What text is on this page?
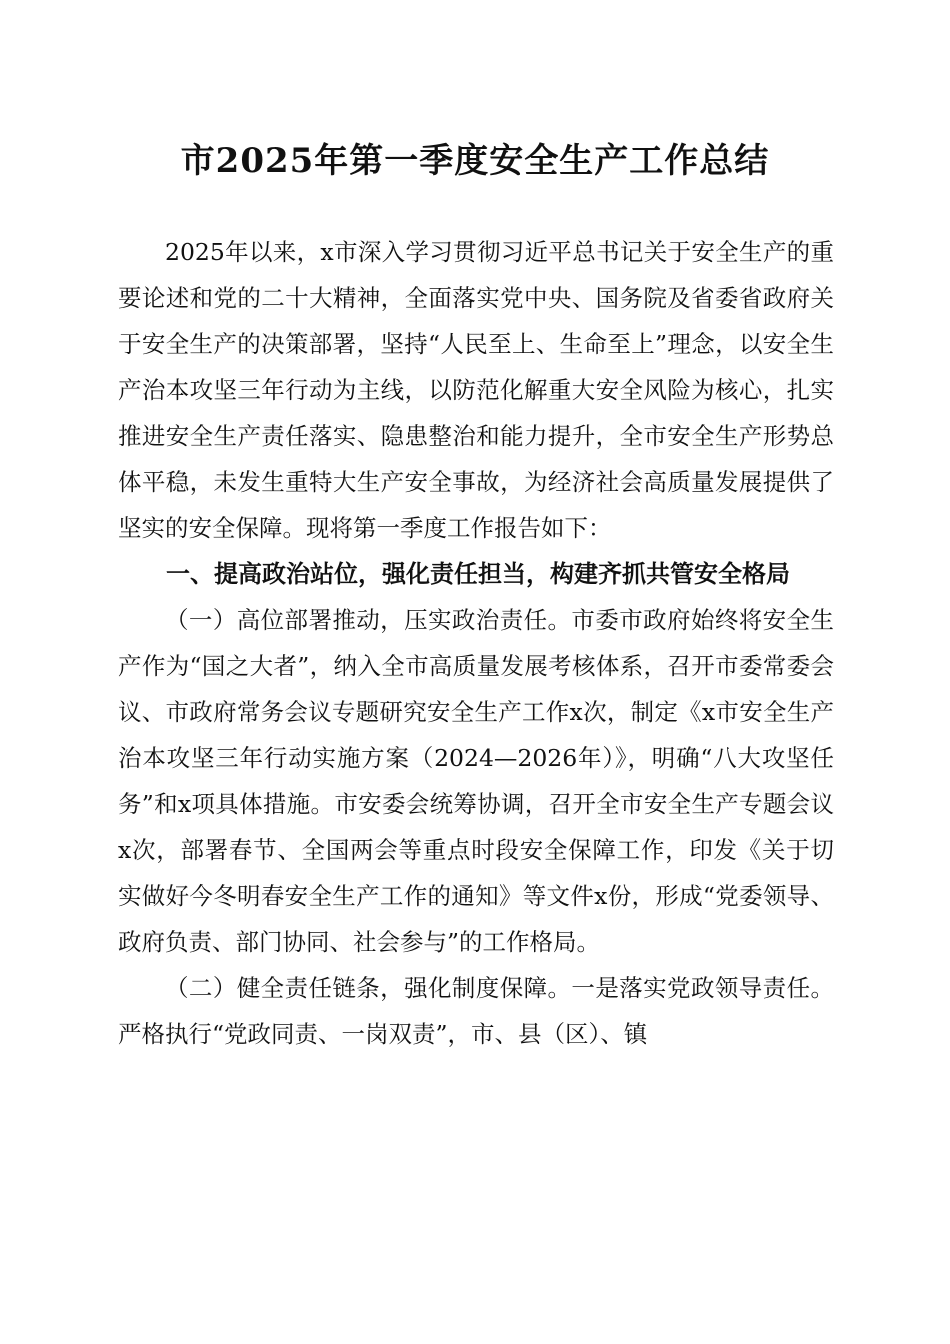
市2025年第一季度安全生产工作总结

2025年以来，x市深入学习贯彻习近平总书记关于安全生产的重要论述和党的二十大精神，全面落实党中央、国务院及省委省政府关于安全生产的决策部署，坚持“人民至上、生命至上”理念，以安全生产治本攻坚三年行动为主线，以防范化解重大安全风险为核心，扎实推进安全生产责任落实、隐患整治和能力提升，全市安全生产形势总体平稳，未发生重特大生产安全事故，为经济社会高质量发展提供了坚实的安全保障。现将第一季度工作报告如下：

一、提高政治站位，强化责任担当，构建齐抓共管安全格局

（一）高位部署推动，压实政治责任。市委市政府始终将安全生产作为“国之大者”，纳入全市高质量发展考核体系，召开市委常委会议、市政府常务会议专题研究安全生产工作x次，制定《x市安全生产治本攻坚三年行动实施方案（2024—2026年）》，明确“八大攻坚任务”和x项具体措施。市安委会统筹协调，召开全市安全生产专题会议x次，部署春节、全国两会等重点时段安全保障工作，印发《关于切实做好今冬明春安全生产工作的通知》等文件x份，形成“党委领导、政府负责、部门协同、社会参与”的工作格局。

（二）健全责任链条，强化制度保障。一是落实党政领导责任。严格执行“党政同责、一岗双责”，市、县（区）、镇
